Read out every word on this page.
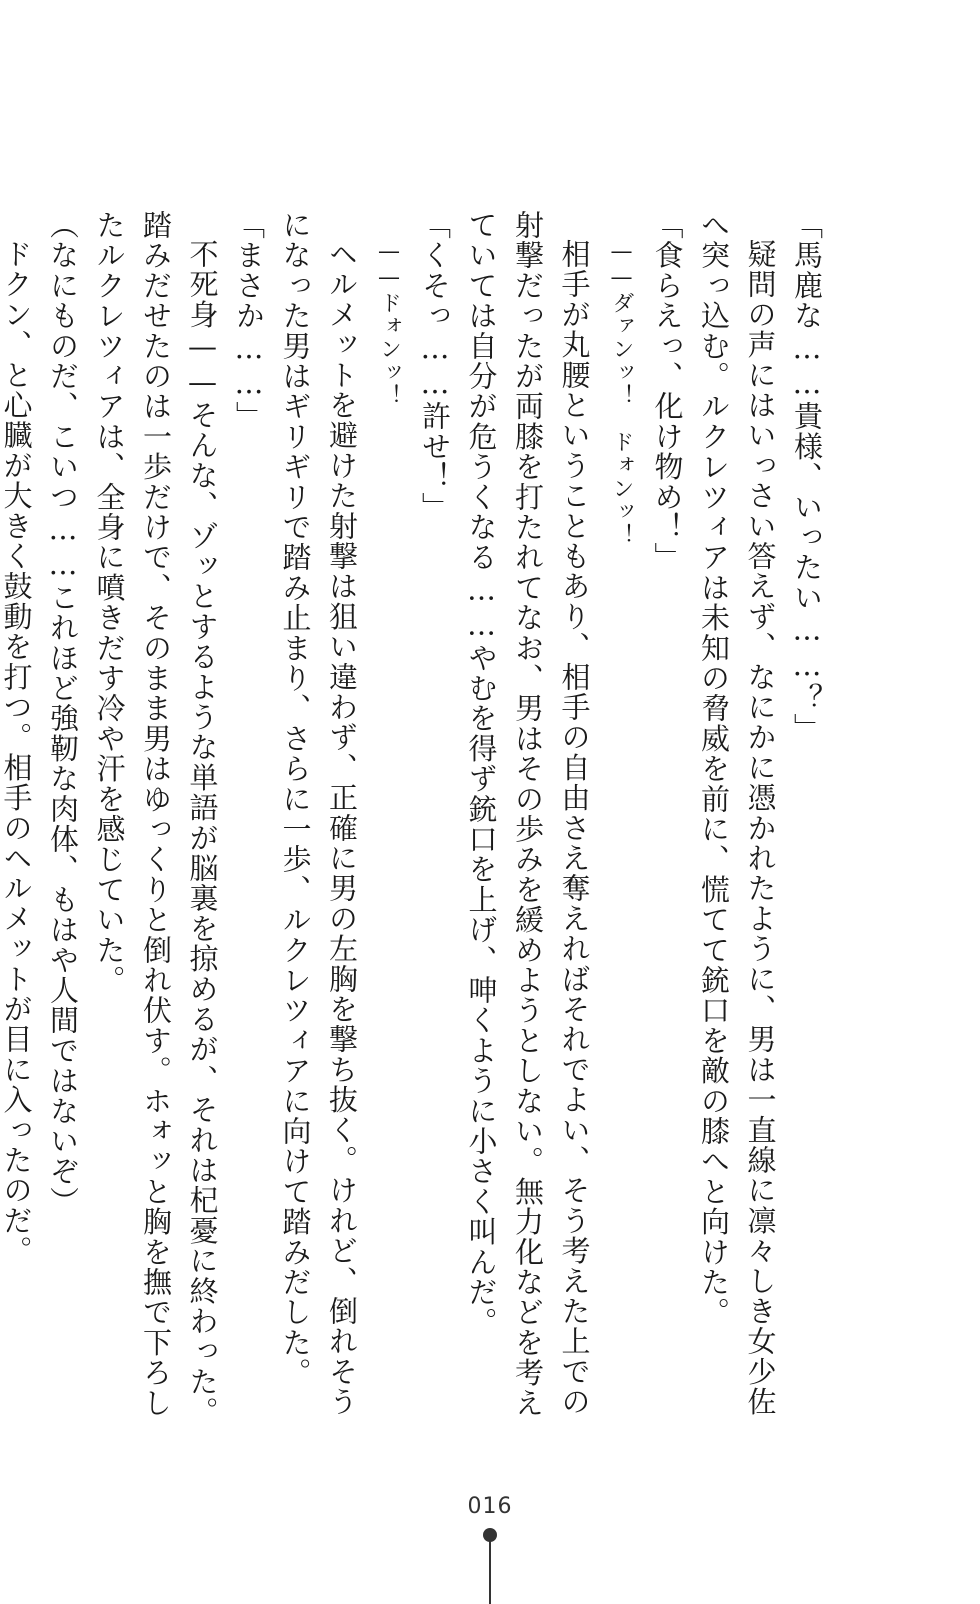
「馬鹿な……貴様、いったい……？」
疑問の声にはいっさい答えず、なにかに憑かれたように、男は一直線に凛々しき女少佐
へ突っ込む。ルクレツィアは未知の脅威を前に、慌てて銃口を敵の膝へと向けた。
「食らえっ、化け物め！」
——ダァンッ！　ドォンッ！
相手が丸腰ということもあり、相手の自由さえ奪えればそれでよい、そう考えた上での
射撃だったが両膝を打たれてなお、男はその歩みを緩めようとしない。無力化などを考え
ていては自分が危うくなる……やむを得ず銃口を上げ、呻くように小さく叫んだ。
「くそっ……許せ！」
——ドォンッ！
ヘルメットを避けた射撃は狙い違わず、正確に男の左胸を撃ち抜く。けれど、倒れそう
になった男はギリギリで踏み止まり、さらに一歩、ルクレツィアに向けて踏みだした。
「まさか……」
不死身——そんな、ゾッとするような単語が脳裏を掠めるが、それは杞憂に終わった。
踏みだせたのは一歩だけで、そのまま男はゆっくりと倒れ伏す。ホォッと胸を撫で下ろし
たルクレツィアは、全身に噴きだす冷や汗を感じていた。
（なにものだ、こいつ……これほど強靭な肉体、もはや人間ではないぞ）
ドクン、と心臓が大きく鼓動を打つ。相手のヘルメットが目に入ったのだ。
016
